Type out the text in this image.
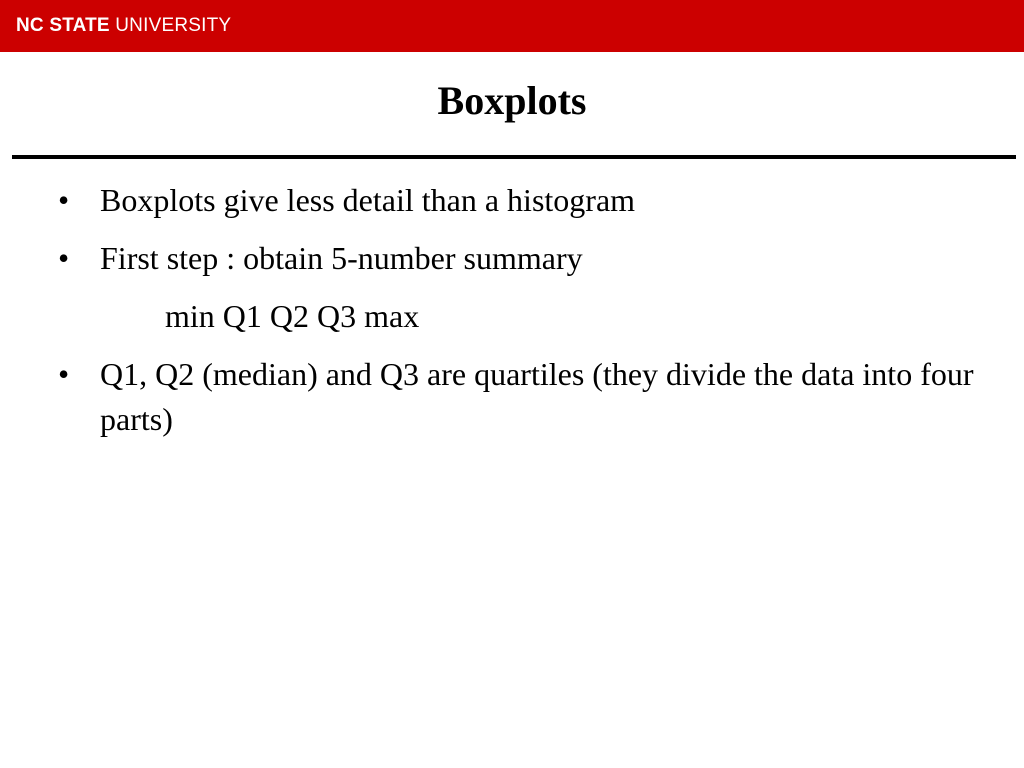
NC STATE UNIVERSITY
Boxplots
• Boxplots give less detail than a histogram
• First step : obtain 5-number summary
min Q1 Q2 Q3 max
• Q1, Q2 (median) and Q3 are quartiles (they divide the data into four parts)
